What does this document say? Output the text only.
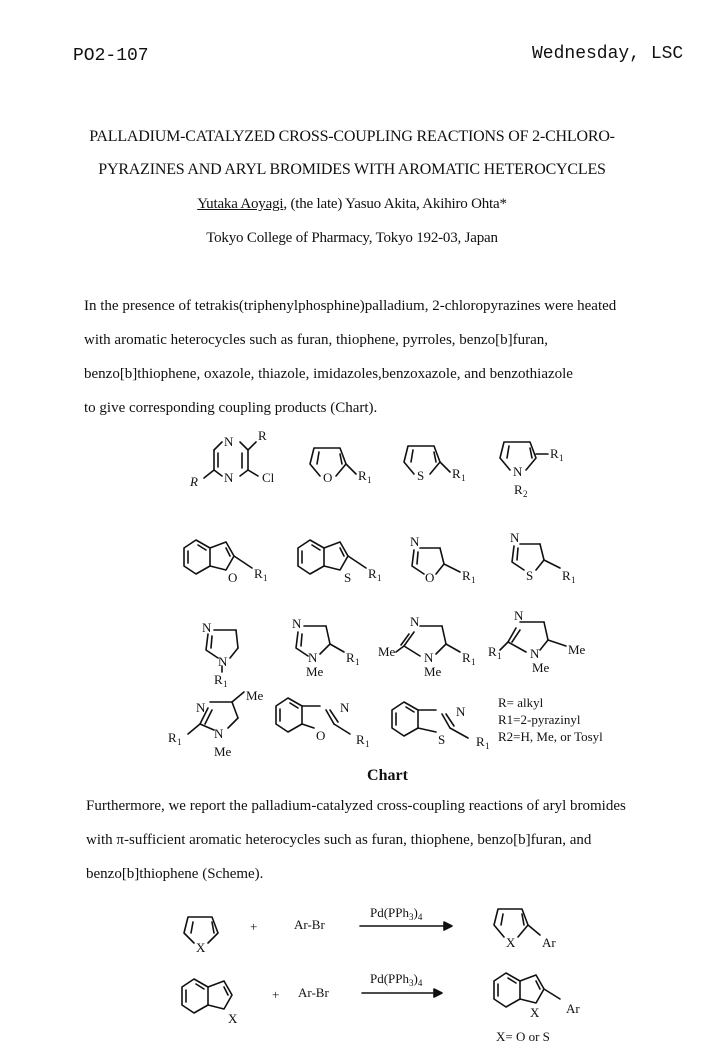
PO2-107	Wednesday, LSC
PALLADIUM-CATALYZED CROSS-COUPLING REACTIONS OF 2-CHLORO-
PYRAZINES AND ARYL BROMIDES WITH AROMATIC HETEROCYCLES
Yutaka Aoyagi, (the late) Yasuo Akita, Akihiro Ohta*
Tokyo College of Pharmacy, Tokyo 192-03, Japan
In the presence of tetrakis(triphenylphosphine)palladium, 2-chloropyrazines were heated
with aromatic heterocycles such as furan, thiophene, pyrroles, benzo[b]furan,
benzo[b]thiophene, oxazole, thiazole, imidazoles,benzoxazole, and benzothiazole
to give corresponding coupling products (Chart).
N
N
R
Cl
R	O R 1	S R 1	N
R 1
R 2
O R 1	S R 1
N
O R 1
N
S R 1
N
N
R 1
N
N R 1
Me
N
N
Me	R 1
Me
N
N
R 1	Me
Me
N
N
Me
R 1
Me
N
O R 1
N
S R 1
R= alkyl
R1=2-pyrazinyl
R2=H, Me, or Tosyl
Chart
Furthermore, we report the palladium-catalyzed cross-coupling reactions of aryl bromides
with π-sufficient aromatic heterocycles such as furan, thiophene, benzo[b]furan, and
benzo[b]thiophene (Scheme).
X
+	Ar-Br
$Pd(PPh_3)_4$
X Ar
X
+ Ar-Br
$Pd(PPh_3)_4$
X Ar
X= O or S
